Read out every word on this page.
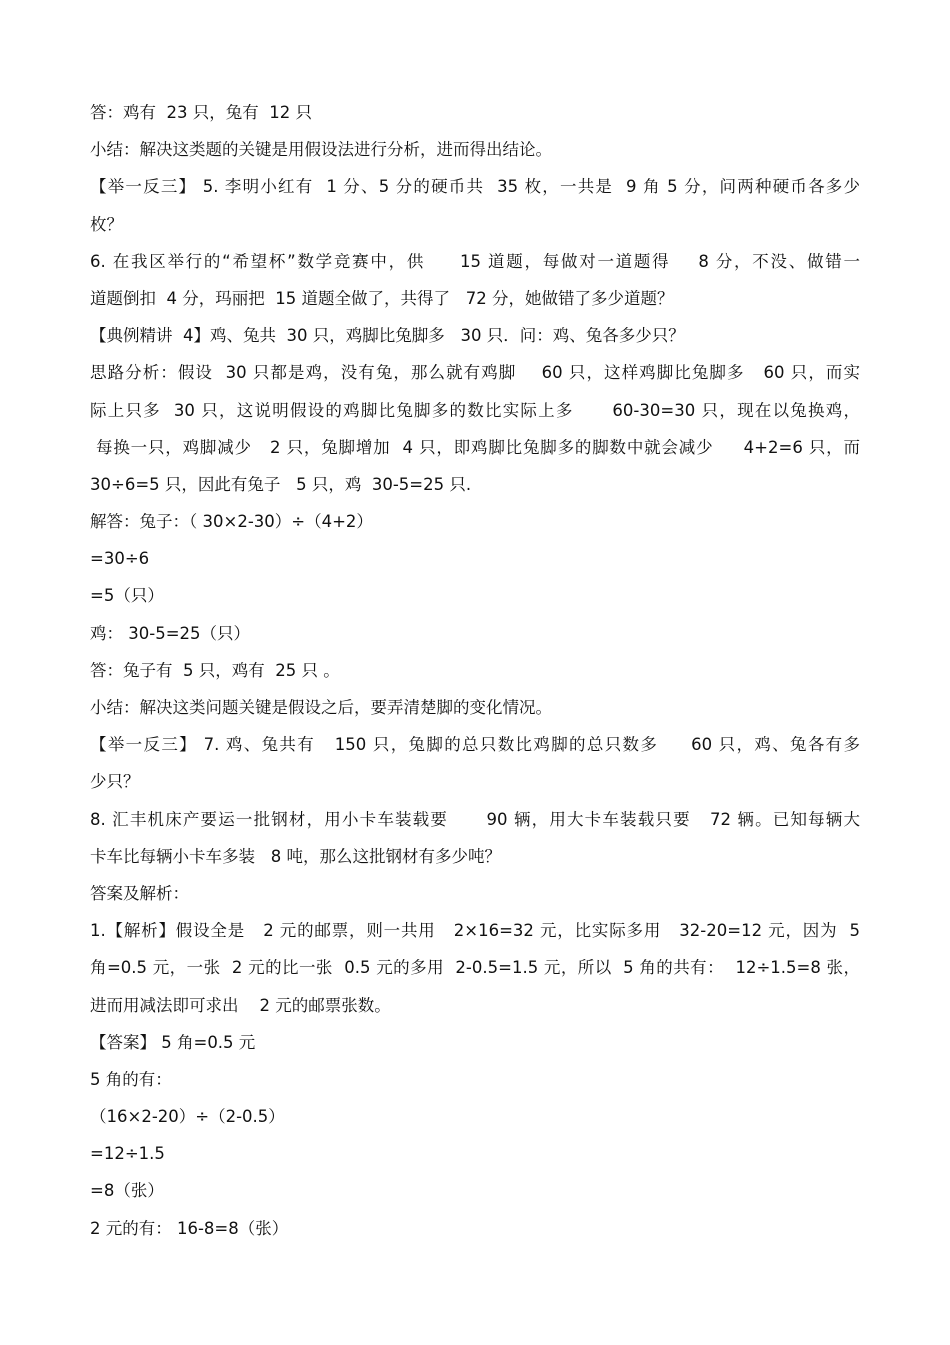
答：鸡有  23 只，兔有  12 只
小结：解决这类题的关键是用假设法进行分析，进而得出结论。
【举一反三】 5. 李明小红有  1 分、5 分的硬币共  35 枚，一共是  9 角 5 分，问两种硬币各多少
枚？
6. 在我区举行的“希望杯”数学竞赛中，供     15 道题，每做对一道题得    8 分，不没、做错一
道题倒扣  4 分，玛丽把  15 道题全做了，共得了   72 分，她做错了多少道题？
【典例精讲  4】鸡、兔共  30 只，鸡脚比兔脚多   30 只．问：鸡、兔各多少只？
思路分析：假设  30 只都是鸡，没有兔，那么就有鸡脚    60 只，这样鸡脚比兔脚多   60 只，而实
际上只多  30 只，这说明假设的鸡脚比兔脚多的数比实际上多      60-30=30 只，现在以兔换鸡，
每换一只，鸡脚减少   2 只，兔脚增加  4 只，即鸡脚比兔脚多的脚数中就会减少     4+2=6 只，而
30÷6=5 只，因此有兔子   5 只，鸡  30-5=25 只.
解答：兔子：（ 30×2-30）÷（4+2）
=30÷6
=5（只）
鸡： 30-5=25（只）
答：兔子有  5 只，鸡有  25 只 。
小结：解决这类问题关键是假设之后，要弄清楚脚的变化情况。
【举一反三】 7. 鸡、兔共有   150 只，兔脚的总只数比鸡脚的总只数多     60 只，鸡、兔各有多
少只？
8. 汇丰机床产要运一批钢材，用小卡车装载要      90 辆，用大卡车装载只要   72 辆。已知每辆大
卡车比每辆小卡车多装   8 吨，那么这批钢材有多少吨？
答案及解析：
1.【解析】假设全是   2 元的邮票，则一共用   2×16=32 元，比实际多用   32-20=12 元，因为  5
角=0.5 元，一张  2 元的比一张  0.5 元的多用  2-0.5=1.5 元，所以  5 角的共有：  12÷1.5=8 张，
进而用减法即可求出    2 元的邮票张数。
【答案】 5 角=0.5 元
5 角的有：
（16×2-20）÷（2-0.5）
=12÷1.5
=8（张）
2 元的有： 16-8=8（张）
